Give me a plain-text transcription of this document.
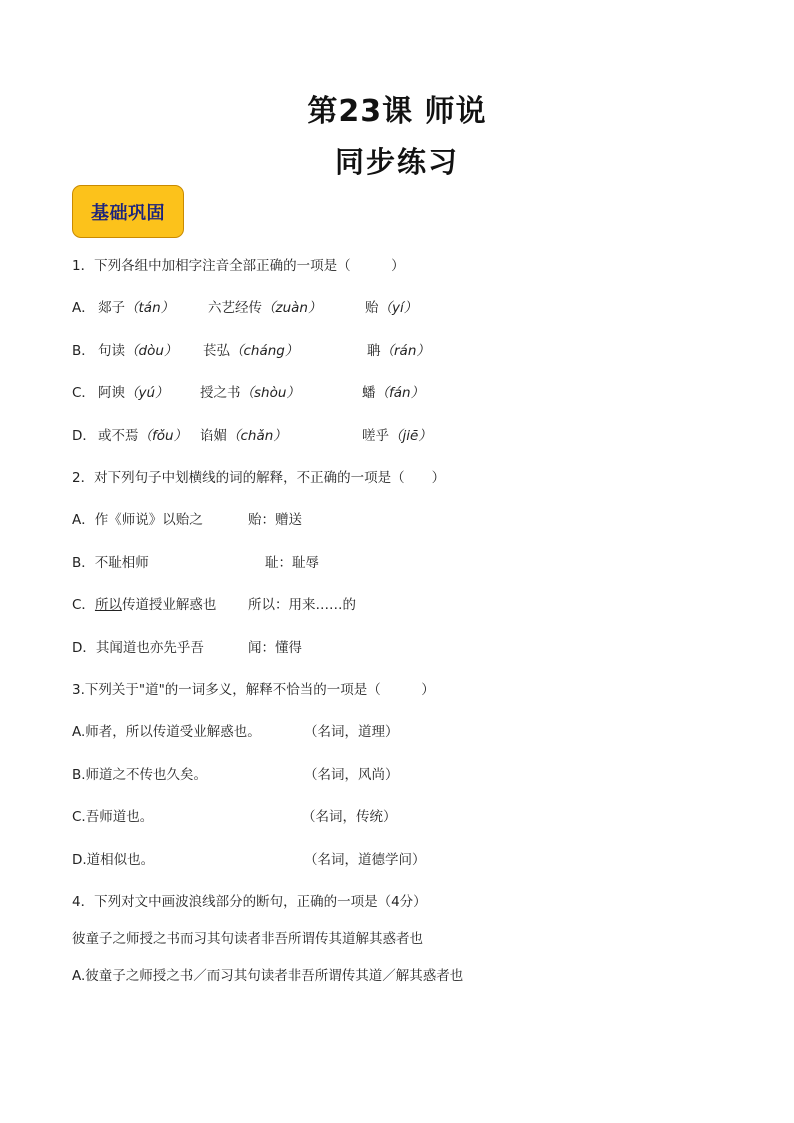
第23课 师说
同步练习
基础巩固
1．下列各组中加相字注音全部正确的一项是（　　　）
A． 郯子（tán）	六艺经传（zuàn）	贻（yí）
B． 句读（dòu） 苌弘（cháng）	聃（rán）
C． 阿谀（yú） 授之书（shòu）	蟠（fán）
D． 或不焉（fǒu） 谄媚（chǎn）	嗟乎（jiē）
2．对下列句子中划横线的词的解释，不正确的一项是（　　）
A．作《师说》以贻之	贻：赠送
B．不耻相师	耻：耻辱
C．所以传道授业解惑也 所以：用来……的
D．其闻道也亦先乎吾	闻：懂得
3.下列关于"道"的一词多义，解释不恰当的一项是（　　　）
A.师者，所以传道受业解惑也。	（名词，道理）
B.师道之不传也久矣。	（名词，风尚）
C.吾师道也。	（名词，传统）
D.道相似也。	（名词，道德学问）
4．下列对文中画波浪线部分的断句，正确的一项是（4分）
彼童子之师授之书而习其句读者非吾所谓传其道解其惑者也
A.彼童子之师授之书／而习其句读者非吾所谓传其道／解其惑者也
